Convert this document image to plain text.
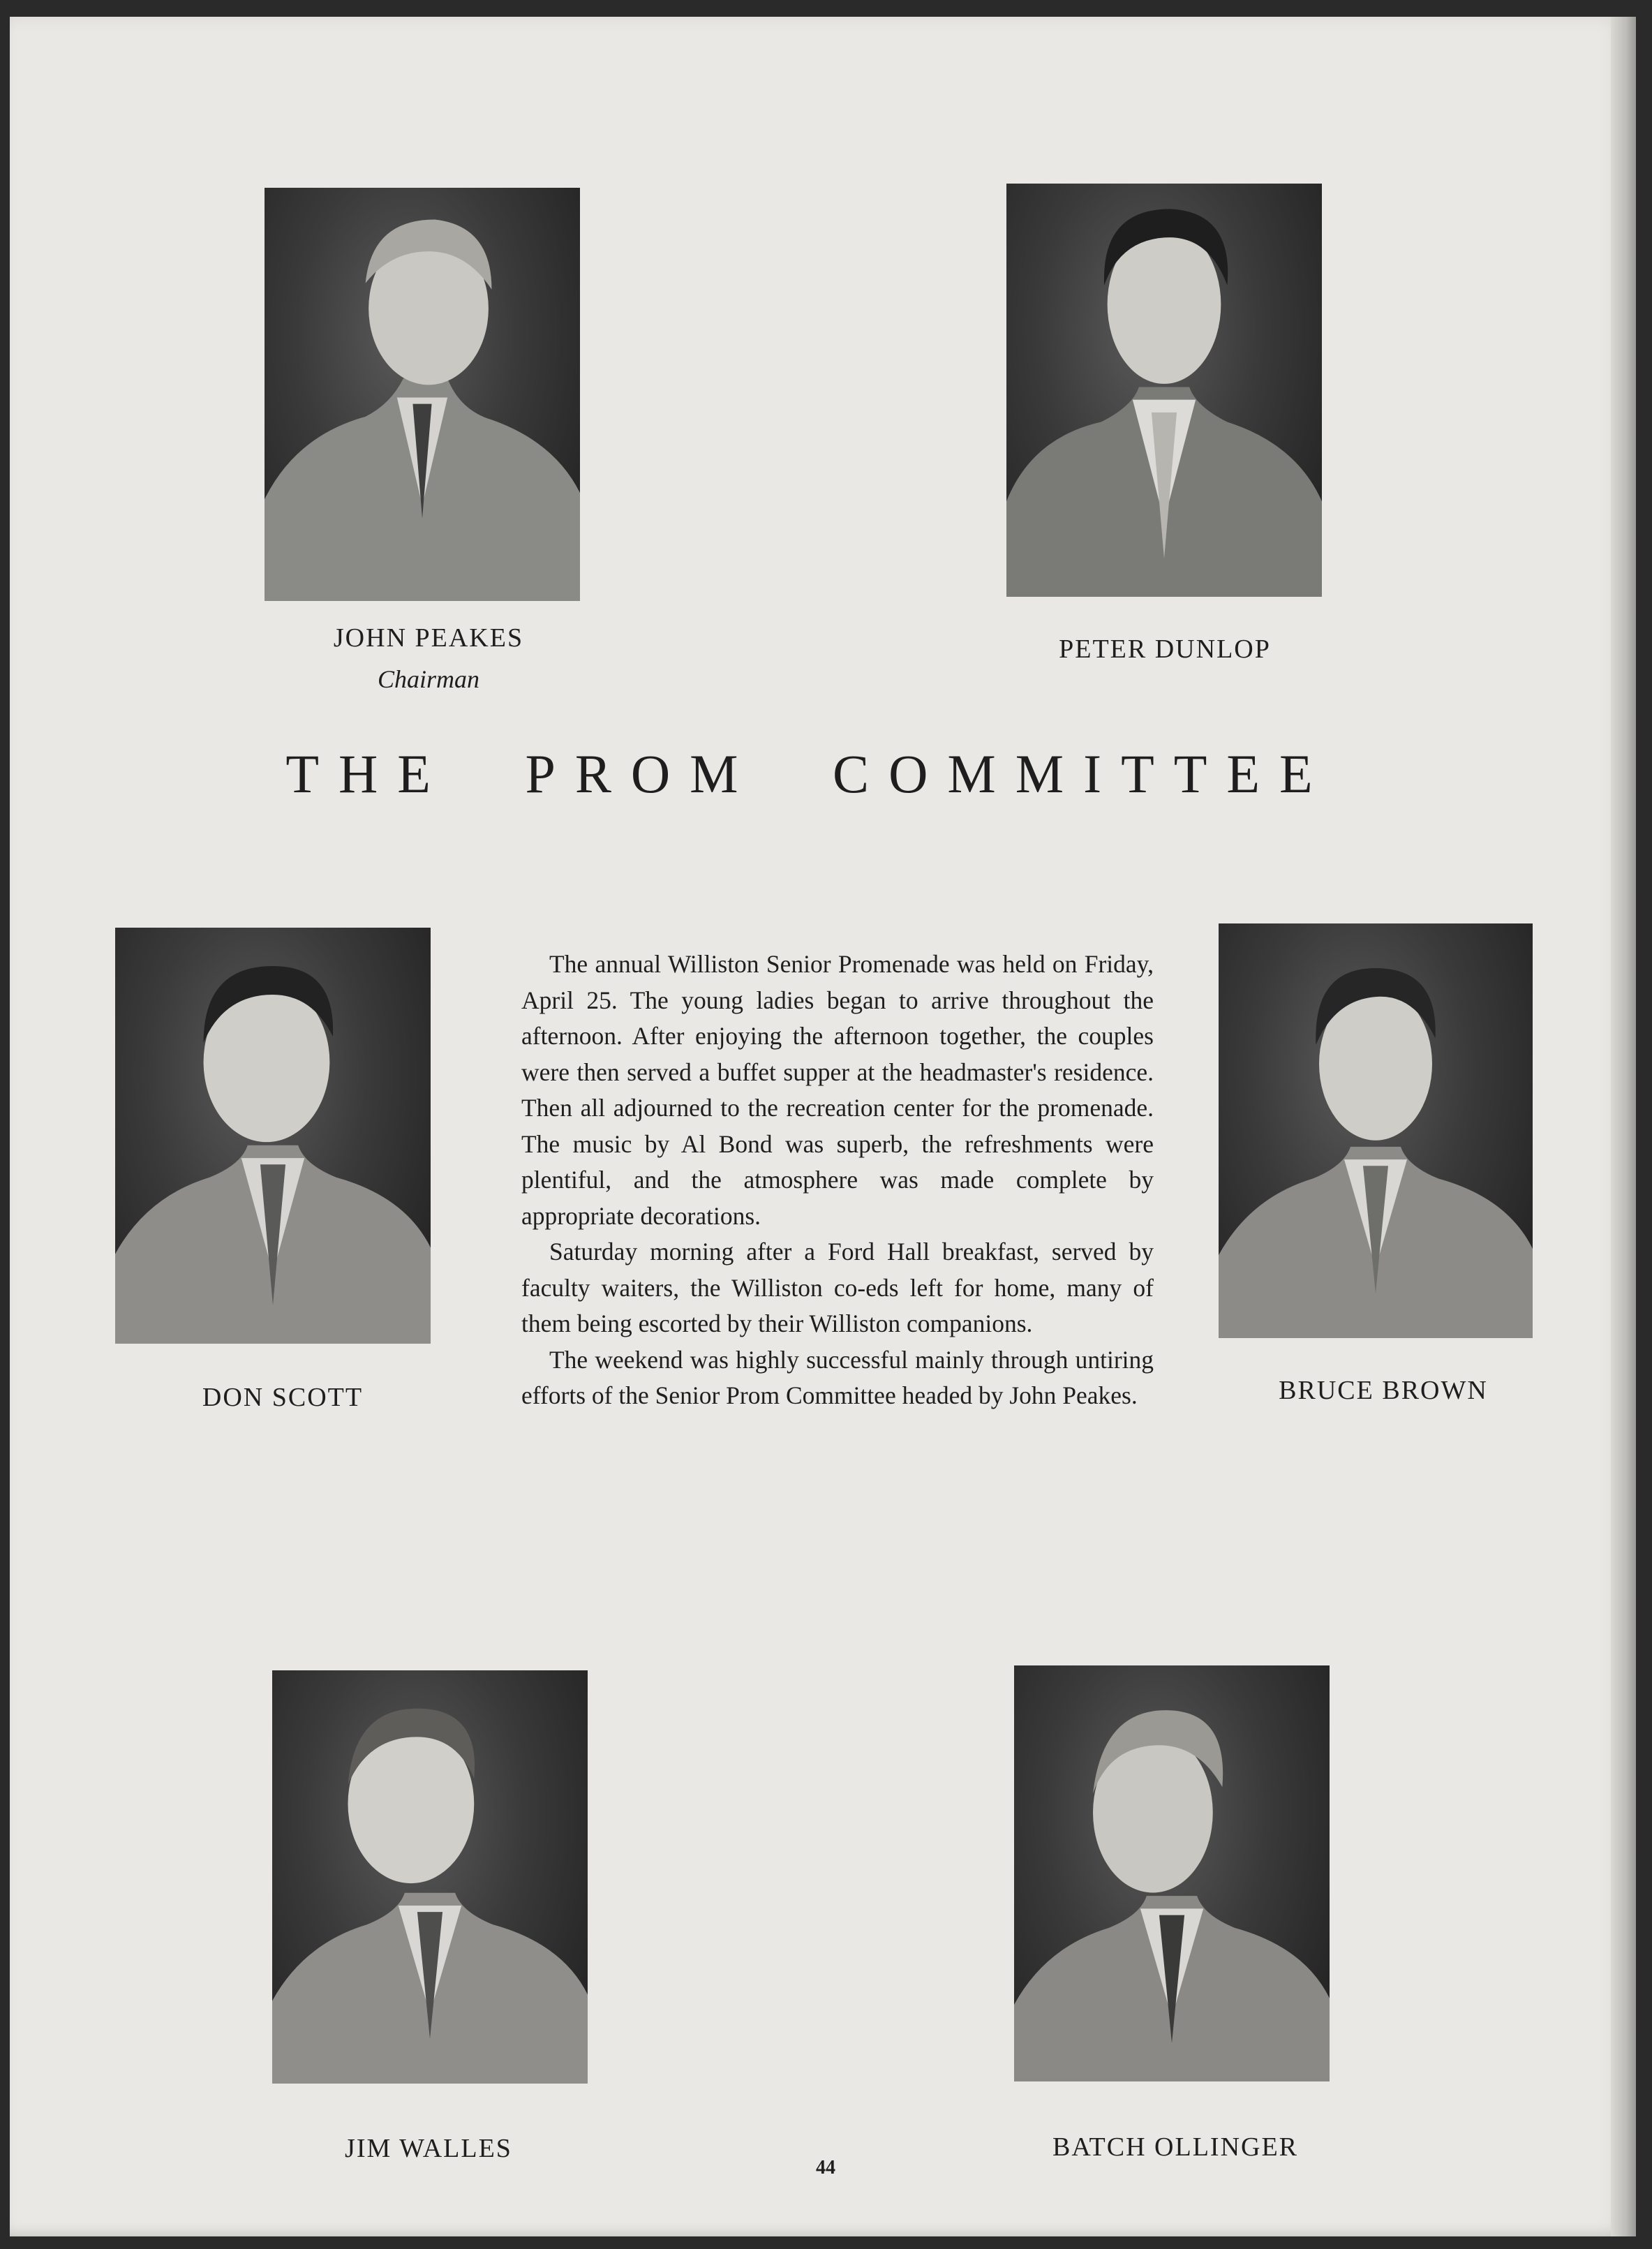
JOHN PEAKES
Chairman
PETER DUNLOP
THE PROM COMMITTEE
DON SCOTT

The annual Williston Senior Promenade was held on Friday, April 25. The young ladies began to arrive throughout the afternoon. After enjoying the afternoon together, the couples were then served a buffet supper at the headmaster's residence. Then all adjourned to the recreation center for the promenade. The music by Al Bond was superb, the refreshments were plentiful, and the atmosphere was made complete by appropriate decorations.

Saturday morning after a Ford Hall breakfast, served by faculty waiters, the Williston co-eds left for home, many of them being escorted by their Williston companions.

The weekend was highly successful mainly through untiring efforts of the Senior Prom Committee headed by John Peakes.	BRUCE BROWN
JIM WALLES	BATCH OLLINGER
44
